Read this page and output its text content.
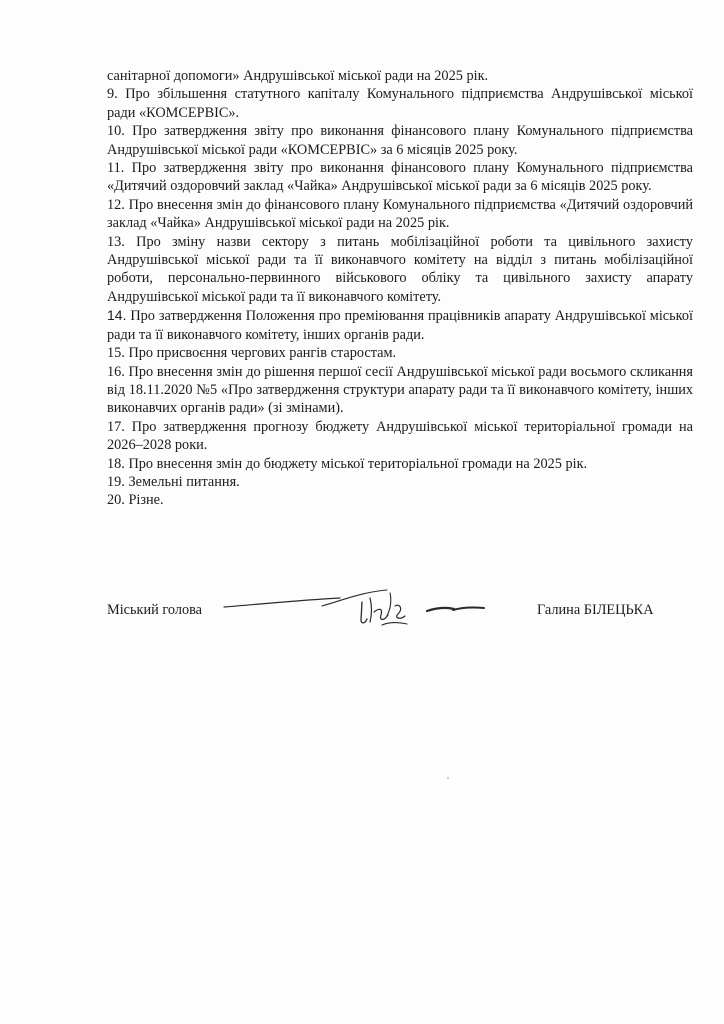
санітарної допомоги» Андрушівської міської ради на 2025 рік.

9. Про збільшення статутного капіталу Комунального підприємства Андрушівської міської ради «КОМСЕРВІС».

10. Про затвердження звіту про виконання фінансового плану Комунального підприємства Андрушівської міської ради «КОМСЕРВІС» за 6 місяців 2025 року.

11. Про затвердження звіту про виконання фінансового плану Комунального підприємства «Дитячий оздоровчий заклад «Чайка» Андрушівської міської ради за 6 місяців 2025 року.

12. Про внесення змін до фінансового плану Комунального підприємства «Дитячий оздоровчий заклад «Чайка» Андрушівської міської ради на 2025 рік.

13. Про зміну назви сектору з питань мобілізаційної роботи та цивільного захисту Андрушівської міської ради та її виконавчого комітету на відділ з питань мобілізаційної роботи, персонально-первинного військового обліку та цивільного захисту апарату Андрушівської міської ради та її виконавчого комітету.

14. Про затвердження Положення про преміювання працівників апарату Андрушівської міської ради та її виконавчого комітету, інших органів ради.

15. Про присвоєння чергових рангів старостам.

16. Про внесення змін до рішення першої сесії Андрушівської міської ради восьмого скликання від 18.11.2020 №5 «Про затвердження структури апарату ради та її виконавчого комітету, інших виконавчих органів ради» (зі змінами).

17. Про затвердження прогнозу бюджету Андрушівської міської територіальної громади на 2026–2028 роки.

18. Про внесення змін до бюджету міської територіальної громади на 2025 рік.

19. Земельні питання.

20. Різне.

Міський голова	Галина БІЛЕЦЬКА
